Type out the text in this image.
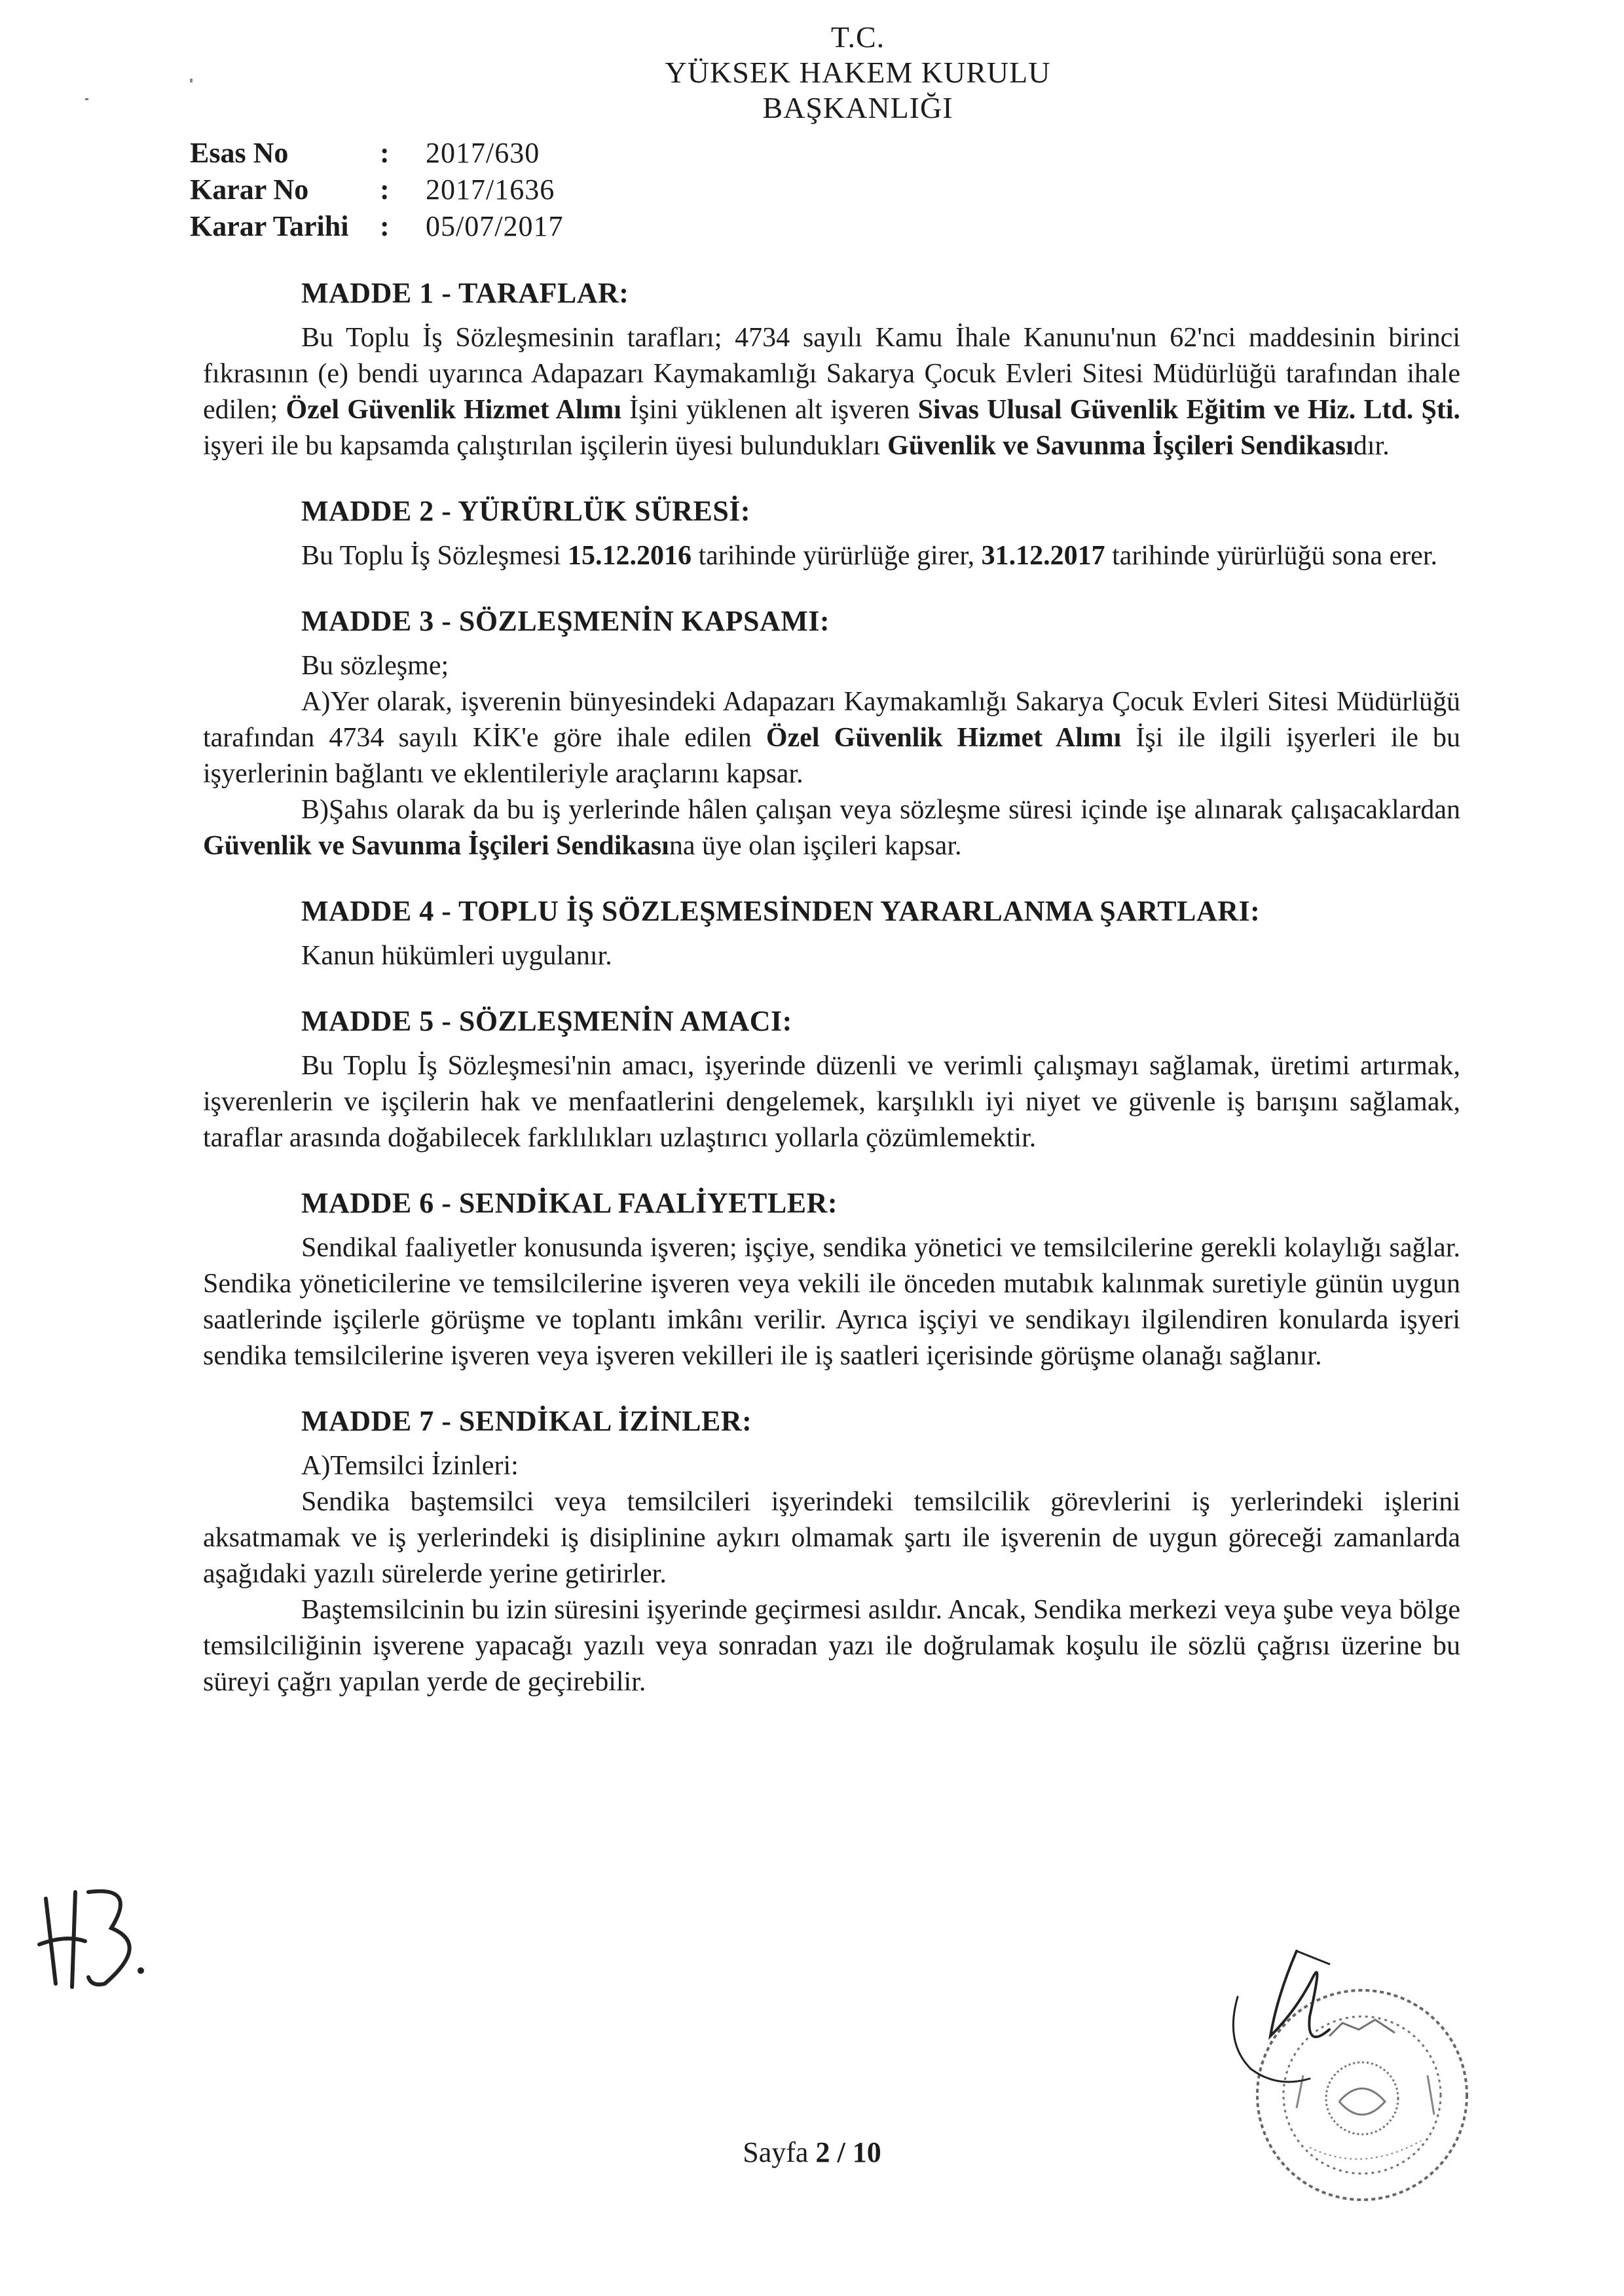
T.C.
YÜKSEK HAKEM KURULU
BAŞKANLIĞI
Esas No	:	2017/630
Karar No	:	2017/1636
Karar Tarihi	:	05/07/2017
MADDE 1 - TARAFLAR:

Bu Toplu İş Sözleşmesinin tarafları; 4734 sayılı Kamu İhale Kanunu'nun 62'nci maddesinin birinci fıkrasının (e) bendi uyarınca Adapazarı Kaymakamlığı Sakarya Çocuk Evleri Sitesi Müdürlüğü tarafından ihale edilen; Özel Güvenlik Hizmet Alımı İşini yüklenen alt işveren Sivas Ulusal Güvenlik Eğitim ve Hiz. Ltd. Şti. işyeri ile bu kapsamda çalıştırılan işçilerin üyesi bulundukları Güvenlik ve Savunma İşçileri Sendikasıdır.

MADDE 2 - YÜRÜRLÜK SÜRESİ:

Bu Toplu İş Sözleşmesi 15.12.2016 tarihinde yürürlüğe girer, 31.12.2017 tarihinde yürürlüğü sona erer.

MADDE 3 - SÖZLEŞMENİN KAPSAMI:

Bu sözleşme;

A)Yer olarak, işverenin bünyesindeki Adapazarı Kaymakamlığı Sakarya Çocuk Evleri Sitesi Müdürlüğü tarafından 4734 sayılı KİK'e göre ihale edilen Özel Güvenlik Hizmet Alımı İşi ile ilgili işyerleri ile bu işyerlerinin bağlantı ve eklentileriyle araçlarını kapsar.

B)Şahıs olarak da bu iş yerlerinde hâlen çalışan veya sözleşme süresi içinde işe alınarak çalışacaklardan Güvenlik ve Savunma İşçileri Sendikasına üye olan işçileri kapsar.

MADDE 4 - TOPLU İŞ SÖZLEŞMESİNDEN YARARLANMA ŞARTLARI:

Kanun hükümleri uygulanır.

MADDE 5 - SÖZLEŞMENİN AMACI:

Bu Toplu İş Sözleşmesi'nin amacı, işyerinde düzenli ve verimli çalışmayı sağlamak, üretimi artırmak, işverenlerin ve işçilerin hak ve menfaatlerini dengelemek, karşılıklı iyi niyet ve güvenle iş barışını sağlamak, taraflar arasında doğabilecek farklılıkları uzlaştırıcı yollarla çözümlemektir.

MADDE 6 - SENDİKAL FAALİYETLER:

Sendikal faaliyetler konusunda işveren; işçiye, sendika yönetici ve temsilcilerine gerekli kolaylığı sağlar. Sendika yöneticilerine ve temsilcilerine işveren veya vekili ile önceden mutabık kalınmak suretiyle günün uygun saatlerinde işçilerle görüşme ve toplantı imkânı verilir. Ayrıca işçiyi ve sendikayı ilgilendiren konularda işyeri sendika temsilcilerine işveren veya işveren vekilleri ile iş saatleri içerisinde görüşme olanağı sağlanır.

MADDE 7 - SENDİKAL İZİNLER:

A)Temsilci İzinleri:

Sendika baştemsilci veya temsilcileri işyerindeki temsilcilik görevlerini iş yerlerindeki işlerini aksatmamak ve iş yerlerindeki iş disiplinine aykırı olmamak şartı ile işverenin de uygun göreceği zamanlarda aşağıdaki yazılı sürelerde yerine getirirler.

Baştemsilcinin bu izin süresini işyerinde geçirmesi asıldır. Ancak, Sendika merkezi veya şube veya bölge temsilciliğinin işverene yapacağı yazılı veya sonradan yazı ile doğrulamak koşulu ile sözlü çağrısı üzerine bu süreyi çağrı yapılan yerde de geçirebilir.

Sayfa 2 / 10
